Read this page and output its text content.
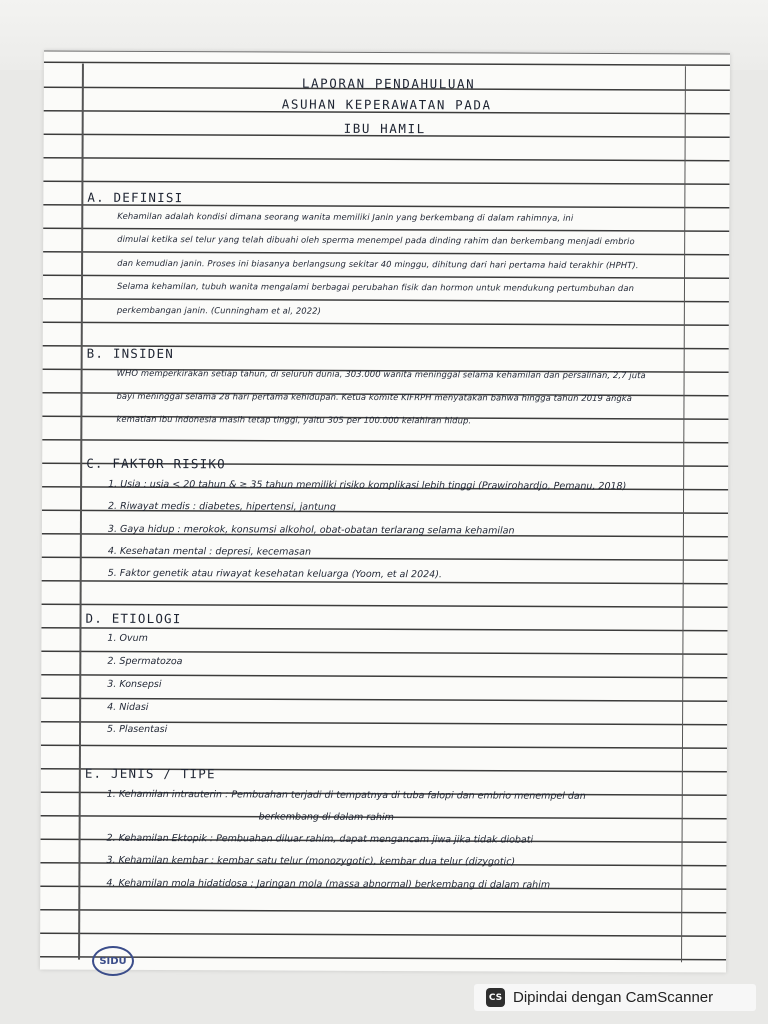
LAPORAN PENDAHULUAN
ASUHAN KEPERAWATAN PADA
IBU HAMIL
A. DEFINISI
Kehamilan adalah kondisi dimana seorang wanita memiliki Janin yang berkembang di dalam rahimnya, ini
dimulai ketika sel telur yang telah dibuahi oleh sperma menempel pada dinding rahim dan berkembang menjadi embrio
dan kemudian janin. Proses ini biasanya berlangsung sekitar 40 minggu, dihitung dari hari pertama haid terakhir (HPHT).
Selama kehamilan, tubuh wanita mengalami berbagai perubahan fisik dan hormon untuk mendukung pertumbuhan dan
perkembangan janin. (Cunningham et al, 2022)
B. INSIDEN
WHO memperkirakan setiap tahun, di seluruh dunia, 303.000 wanita meninggal selama kehamilan dan persalinan, 2,7 juta
bayi meninggal selama 28 hari pertama kehidupan. Ketua komite KIFRPH menyatakan bahwa hingga tahun 2019 angka
kematian ibu indonesia masih tetap tinggi, yaitu 305 per 100.000 kelahiran hidup.
C. FAKTOR RISIKO
1. Usia : usia < 20 tahun & ≥ 35 tahun memiliki risiko komplikasi lebih tinggi (Prawirohardjo, Pemanu, 2018)
2. Riwayat medis : diabetes, hipertensi, jantung
3. Gaya hidup : merokok, konsumsi alkohol, obat-obatan terlarang selama kehamilan
4. Kesehatan mental : depresi, kecemasan
5. Faktor genetik atau riwayat kesehatan keluarga (Yoom, et al 2024).
D. ETIOLOGI
1. Ovum
2. Spermatozoa
3. Konsepsi
4. Nidasi
5. Plasentasi
E. JENIS / TIPE
1. Kehamilan intrauterin : Pembuahan terjadi di tempatnya di tuba falopi dan embrio menempel dan
berkembang di dalam rahim
2. Kehamilan Ektopik : Pembuahan diluar rahim, dapat mengancam jiwa jika tidak diobati
3. Kehamilan kembar : kembar satu telur (monozygotic), kembar dua telur (dizygotic)
4. Kehamilan mola hidatidosa : Jaringan mola (massa abnormal) berkembang di dalam rahim
SIDU
CS Dipindai dengan CamScanner
